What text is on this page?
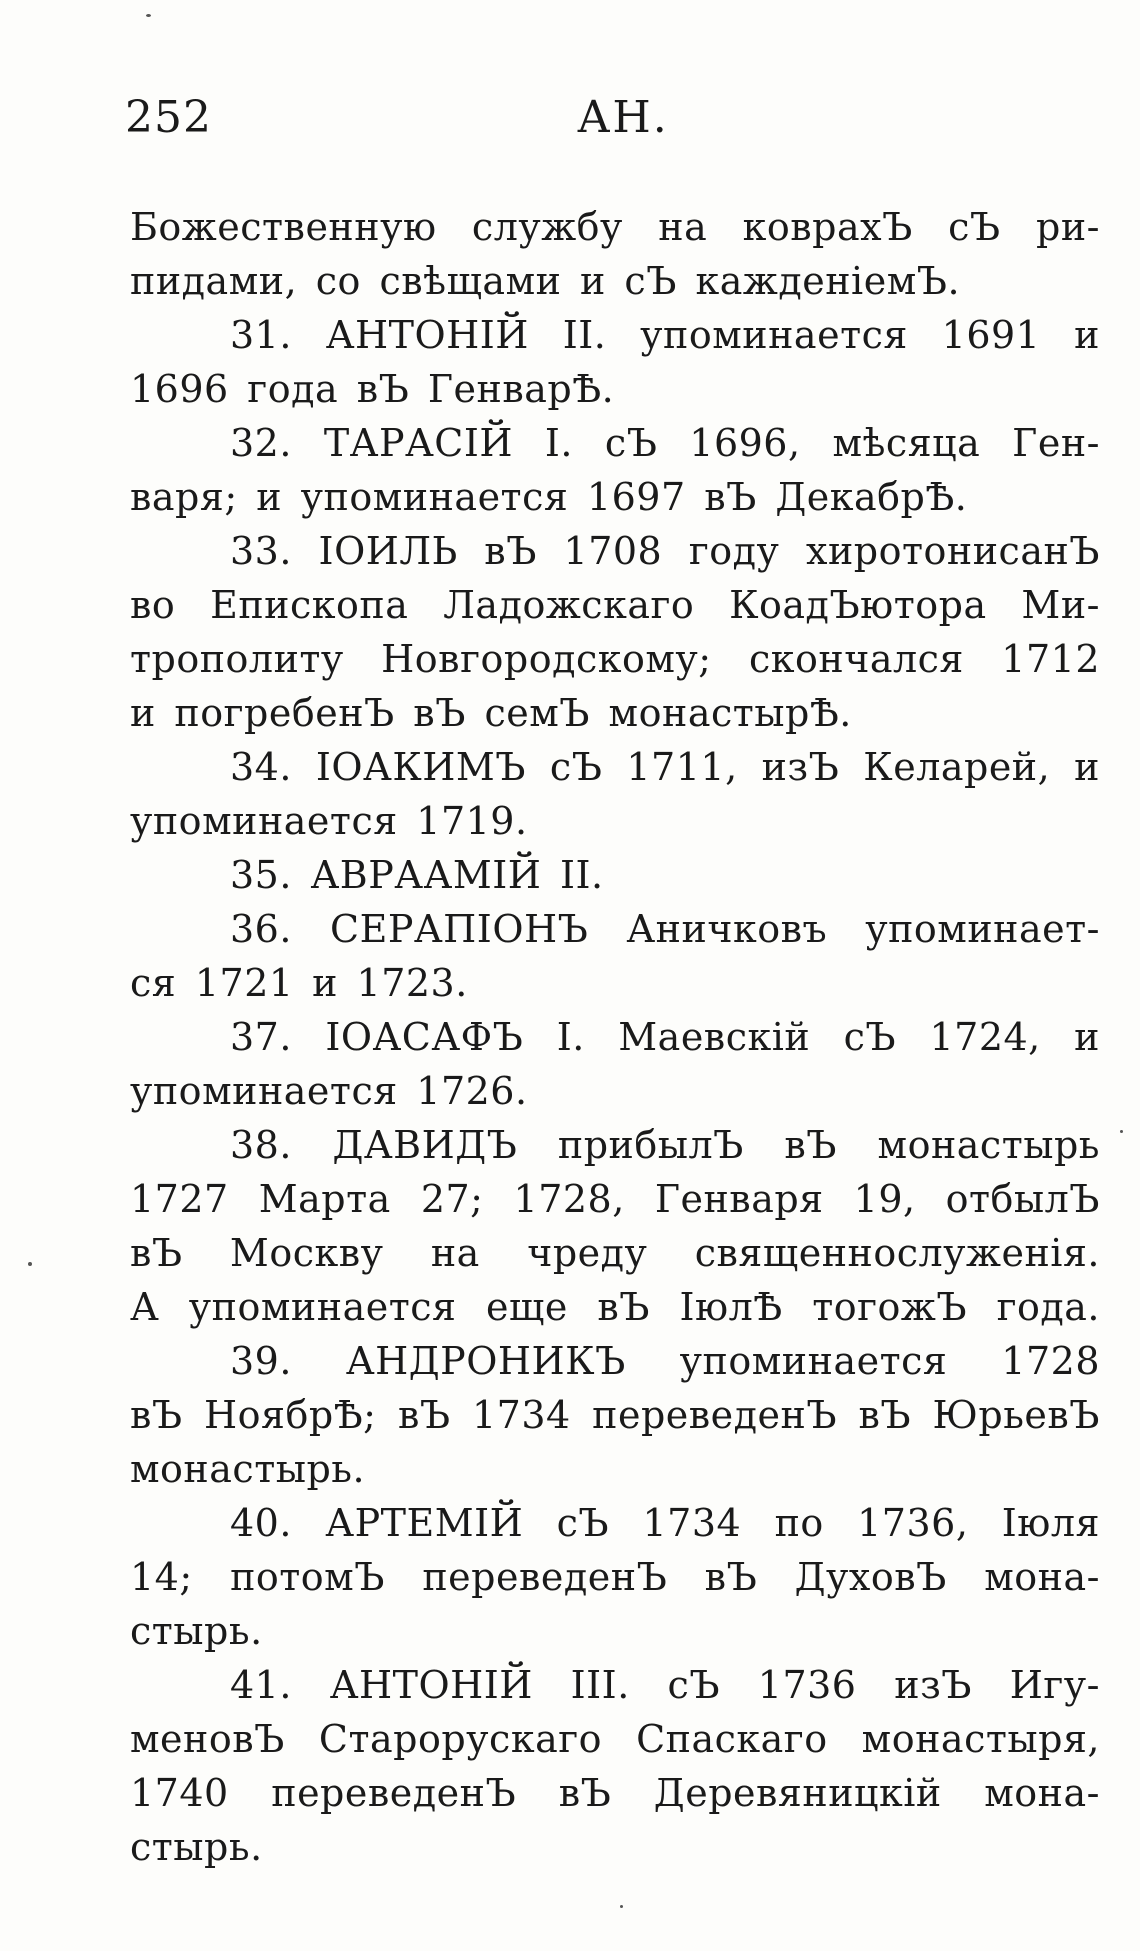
252	АН.
Божественную службу на коврахЪ сЪ ри-
пидами, со свѣщами и сЪ кажденіемЪ.
31. АНТОНІЙ II. упоминается 1691 и
1696 года вЪ ГенварѢ.
32. ТАРАСІЙ I. сЪ 1696, мѣсяца Ген-
варя; и упоминается 1697 вЪ ДекабрѢ.
33. ІОИЛЬ вЪ 1708 году хиротонисанЪ
во Епископа Ладожскаго КоадЪютора Ми-
трополиту Новгородскому; скончался 1712
и погребенЪ вЪ семЪ монастырѢ.
34. ІОАКИМЪ сЪ 1711, изЪ Келарей, и
упоминается 1719.
35. АВРААМІЙ II.
36. СЕРАПІОНЪ Аничковъ упоминает-
ся 1721 и 1723.
37. ІОАСАФЪ I. Маевскій сЪ 1724, и
упоминается 1726.
38. ДАВИДЪ прибылЪ вЪ монастырь
1727 Марта 27; 1728, Генваря 19, отбылЪ
вЪ Москву на чреду священнослуженія.
А упоминается еще вЪ ІюлѢ тогожЪ года.
39. АНДРОНИКЪ упоминается 1728
вЪ НоябрѢ; вЪ 1734 переведенЪ вЪ ЮрьевЪ
монастырь.
40. АРТЕМІЙ сЪ 1734 по 1736, Іюля
14; потомЪ переведенЪ вЪ ДуховЪ мона-
стырь.
41. АНТОНІЙ III. сЪ 1736 изЪ Игу-
меновЪ Старорускаго Спаскаго монастыря,
1740 переведенЪ вЪ Деревяницкій мона-
стырь.
